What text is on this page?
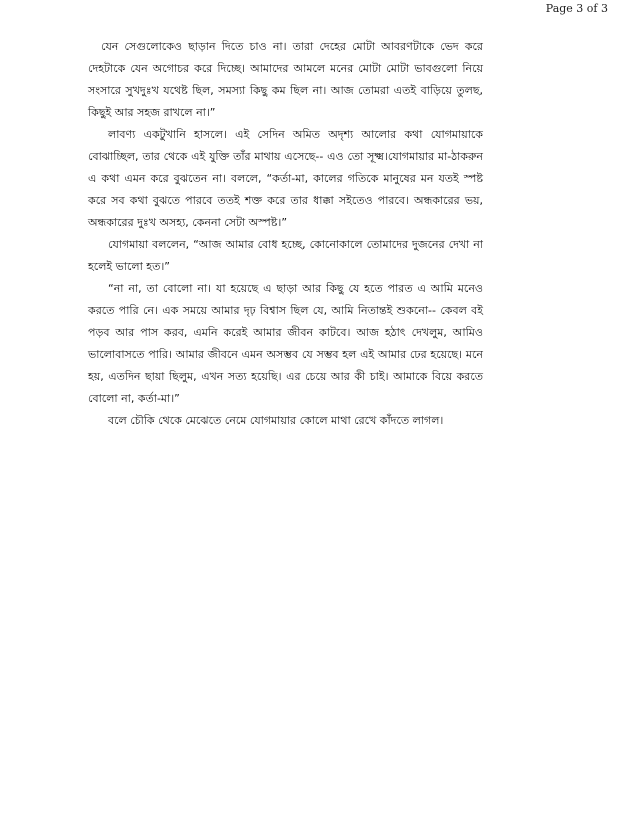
Page 3 of 3

যেন সেগুলোকেও ছাড়ান দিতে চাও না। তারা দেহের মোটা আবরণটাকে ভেদ করে দেহটাকে যেন অগোচর করে দিচ্ছে। আমাদের আমলে মনের মোটা মোটা ভাবগুলো নিয়ে সংসারে সুখদুঃখ যথেষ্ট ছিল, সমস্যা কিছু কম ছিল না। আজ তোমরা এতই বাড়িয়ে তুলছ, কিছুই আর সহজ রাখলে না।”

লাবণ্য একটুখানি হাসলে। এই সেদিন অমিত অদৃশ্য আলোর কথা যোগমায়াকে বোঝাচ্ছিল, তার থেকে এই যুক্তি তাঁর মাথায় এসেছে-- এও তো সূক্ষ্ম।যোগমায়ার মা-ঠাকরুন এ কথা এমন করে বুঝতেন না। বললে, “কর্তা-মা, কালের গতিকে মানুষের মন যতই স্পষ্ট করে সব কথা বুঝতে পারবে ততই শক্ত করে তার ধাক্কা সইতেও পারবে। অন্ধকারের ভয়, অন্ধকারের দুঃখ অসহ্য, কেননা সেটা অস্পষ্ট।”

যোগমায়া বললেন, “আজ আমার বোধ হচ্ছে, কোনোকালে তোমাদের দুজনের দেখা না হলেই ভালো হত।”

“না না, তা বোলো না। যা হয়েছে এ ছাড়া আর কিছু যে হতে পারত এ আমি মনেও করতে পারি নে। এক সময়ে আমার দৃঢ় বিশ্বাস ছিল যে, আমি নিতান্তই শুকনো-- কেবল বই পড়ব আর পাস করব, এমনি করেই আমার জীবন কাটবে। আজ হঠাৎ দেখলুম, আমিও ভালোবাসতে পারি। আমার জীবনে এমন অসম্ভব যে সম্ভব হল এই আমার ঢের হয়েছে। মনে হয়, এতদিন ছায়া ছিলুম, এখন সত্য হয়েছি। এর চেয়ে আর কী চাই। আমাকে বিয়ে করতে বোলো না, কর্তা-মা।”

বলে চৌকি থেকে মেঝেতে নেমে যোগমায়ার কোলে মাথা রেখে কাঁদতে লাগল।
